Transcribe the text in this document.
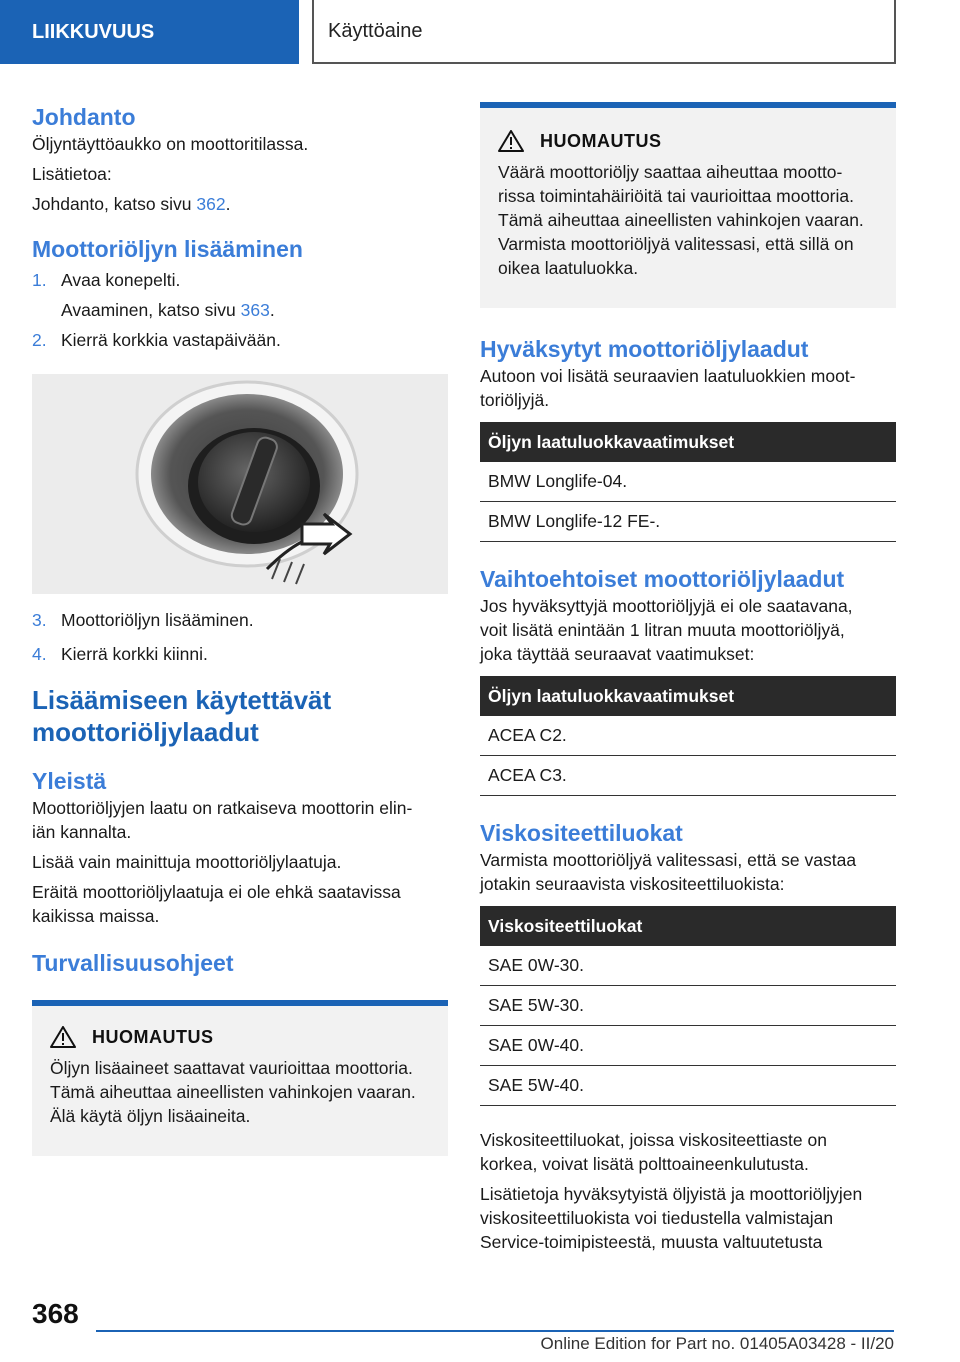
LIIKKUVUUS	Käyttöaine
Johdanto

Öljyntäyttöaukko on moottoritilassa.

Lisätietoa:

Johdanto, katso sivu 362.

Moottoriöljyn lisääminen
1. Avaa konepelti.
Avaaminen, katso sivu 363.
2. Kierrä korkkia vastapäivään.
3. Moottoriöljyn lisääminen.
4. Kierrä korkki kiinni.
Lisäämiseen käytettävät
moottoriöljylaadut
Yleistä

Moottoriöljyjen laatu on ratkaiseva moottorin elin-
iän kannalta.

Lisää vain mainittuja moottoriöljylaatuja.

Eräitä moottoriöljylaatuja ei ole ehkä saatavissa
kaikissa maissa.

Turvallisuusohjeet
HUOMAUTUS

Öljyn lisäaineet saattavat vaurioittaa moottoria.
Tämä aiheuttaa aineellisten vahinkojen vaaran.
Älä käytä öljyn lisäaineita.

HUOMAUTUS

Väärä moottoriöljy saattaa aiheuttaa mootto-
rissa toimintahäiriöitä tai vaurioittaa moottoria.
Tämä aiheuttaa aineellisten vahinkojen vaaran.
Varmista moottoriöljyä valitessasi, että sillä on
oikea laatuluokka.

Hyväksytyt moottoriöljylaadut

Autoon voi lisätä seuraavien laatuluokkien moot-
toriöljyjä.

Öljyn laatuluokkavaatimukset
BMW Longlife-04.
BMW Longlife-12 FE-.
Vaihtoehtoiset moottoriöljylaadut

Jos hyväksyttyjä moottoriöljyjä ei ole saatavana,
voit lisätä enintään 1 litran muuta moottoriöljyä,
joka täyttää seuraavat vaatimukset:

Öljyn laatuluokkavaatimukset
ACEA C2.
ACEA C3.
Viskositeettiluokat

Varmista moottoriöljyä valitessasi, että se vastaa
jotakin seuraavista viskositeettiluokista:

Viskositeettiluokat
SAE 0W-30.
SAE 5W-30.
SAE 0W-40.
SAE 5W-40.

Viskositeettiluokat, joissa viskositeettiaste on
korkea, voivat lisätä polttoaineenkulutusta.

Lisätietoja hyväksytyistä öljyistä ja moottoriöljyjen
viskositeettiluokista voi tiedustella valmistajan
Service-toimipisteestä, muusta valtuutetusta

368
Online Edition for Part no. 01405A03428 - II/20
